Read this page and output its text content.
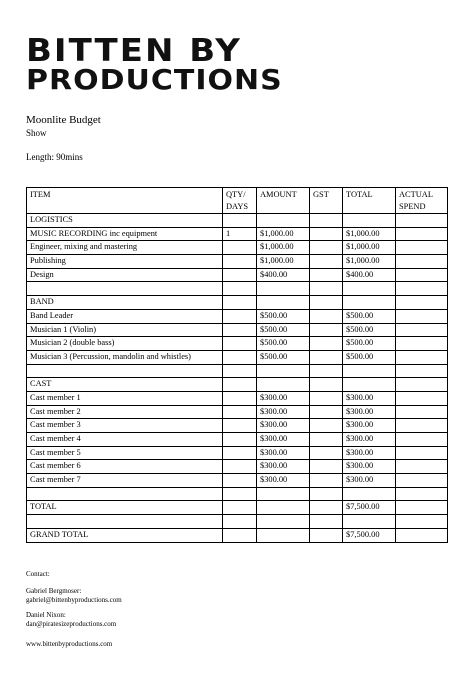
BITTEN BY
PRODUCTIONS
Moonlite Budget
Show
Length: 90mins
ITEM	QTY/ DAYS	AMOUNT	GST	TOTAL	ACTUAL SPEND
LOGISTICS					
MUSIC RECORDING inc equipment	1	$1,000.00		$1,000.00	
Engineer, mixing and mastering		$1,000.00		$1,000.00	
Publishing		$1,000.00		$1,000.00	
Design		$400.00		$400.00	

BAND					
Band Leader		$500.00		$500.00	
Musician 1 (Violin)		$500.00		$500.00	
Musician 2 (double bass)		$500.00		$500.00	
Musician 3 (Percussion, mandolin and whistles)		$500.00		$500.00	

CAST					
Cast member 1		$300.00		$300.00	
Cast member 2		$300.00		$300.00	
Cast member 3		$300.00		$300.00	
Cast member 4		$300.00		$300.00	
Cast member 5		$300.00		$300.00	
Cast member 6		$300.00		$300.00	
Cast member 7		$300.00		$300.00	

TOTAL				$7,500.00	

GRAND TOTAL				$7,500.00	
Contact:
Gabriel Bergmoser:
gabriel@bittenbyproductions.com
Daniel Nixon:
dan@piratesizeproductions.com
www.bittenbyproductions.com
